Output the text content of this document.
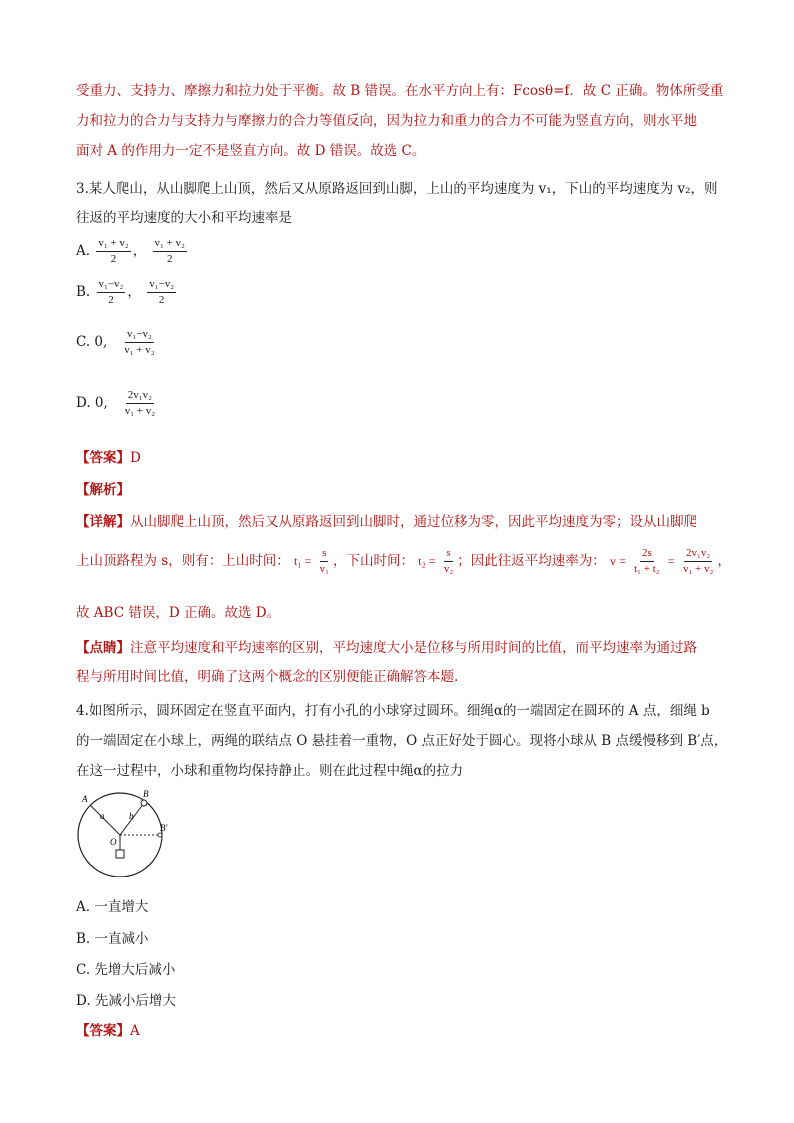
受重力、支持力、摩擦力和拉力处于平衡。故 B 错误。在水平方向上有：Fcosθ=f．故 C 正确。物体所受重
力和拉力的合力与支持力与摩擦力的合力等值反向，因为拉力和重力的合力不可能为竖直方向，则水平地
面对 A 的作用力一定不是竖直方向。故 D 错误。故选 C。
3.某人爬山，从山脚爬上山顶，然后又从原路返回到山脚，上山的平均速度为 v₁，下山的平均速度为 v₂，则
往返的平均速度的大小和平均速率是
A. $\frac{\text{v₁ + v₂}}{2}$ ， $\frac{\text{v₁ + v₂}}{2}$
B. $\frac{\text{v₁−v₂}}{2}$ ， $\frac{\text{v₁−v₂}}{2}$
C. 0, $\frac{\text{v₁−v₂}}{\text{v₁ + v₂}}$
D. 0, $\frac{\text{2v₁v₂}}{\text{v₁ + v₂}}$
【答案】D
【解析】
【详解】从山脚爬上山顶，然后又从原路返回到山脚时，通过位移为零，因此平均速度为零；设从山脚爬
上山顶路程为 s，则有：上山时间： $t_1 = \frac{s}{\text{v₁}}$ ，下山时间： $t_2 = \frac{s}{\text{v₂}}$ ；因此往返平均速率为： $v = \frac{2s}{\text{t₁ + t₂}} = \frac{\text{2v₁v₂}}{\text{v₁ + v₂}}$ ，
故 ABC 错误，D 正确。故选 D。
【点睛】注意平均速度和平均速率的区别，平均速度大小是位移与所用时间的比值，而平均速率为通过路
程与所用时间比值，明确了这两个概念的区别便能正确解答本题.
4.如图所示，圆环固定在竖直平面内，打有小孔的小球穿过圆环。细绳α的一端固定在圆环的 A 点，细绳 b
的一端固定在小球上，两绳的联结点 O 悬挂着一重物，O 点正好处于圆心。现将小球从 B 点缓慢移到 B′点，
在这一过程中，小球和重物均保持静止。则在此过程中绳α的拉力
A	B
B′
O
a	b
A. 一直增大
B. 一直减小
C. 先增大后减小
D. 先减小后增大
【答案】A
